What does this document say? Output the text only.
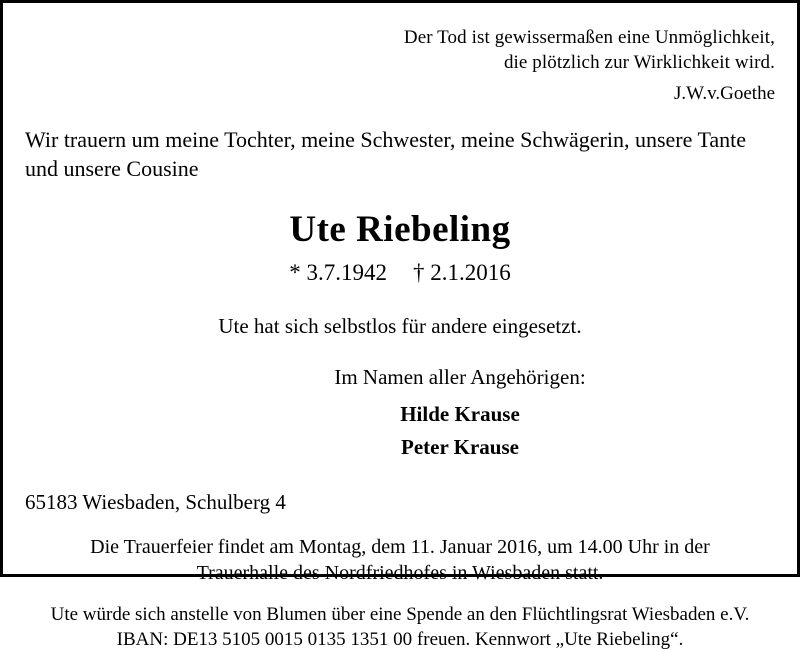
Der Tod ist gewissermaßen eine Unmöglichkeit,
die plötzlich zur Wirklichkeit wird.
J.W.v.Goethe
Wir trauern um meine Tochter, meine Schwester, meine Schwägerin, unsere Tante
und unsere Cousine
Ute Riebeling
* 3.7.1942 † 2.1.2016
Ute hat sich selbstlos für andere eingesetzt.
Im Namen aller Angehörigen:
Hilde Krause
Peter Krause
65183 Wiesbaden, Schulberg 4
Die Trauerfeier findet am Montag, dem 11. Januar 2016, um 14.00 Uhr in der
Trauerhalle des Nordfriedhofes in Wiesbaden statt.
Ute würde sich anstelle von Blumen über eine Spende an den Flüchtlingsrat Wiesbaden e.V.
IBAN: DE13 5105 0015 0135 1351 00 freuen. Kennwort „Ute Riebeling“.
